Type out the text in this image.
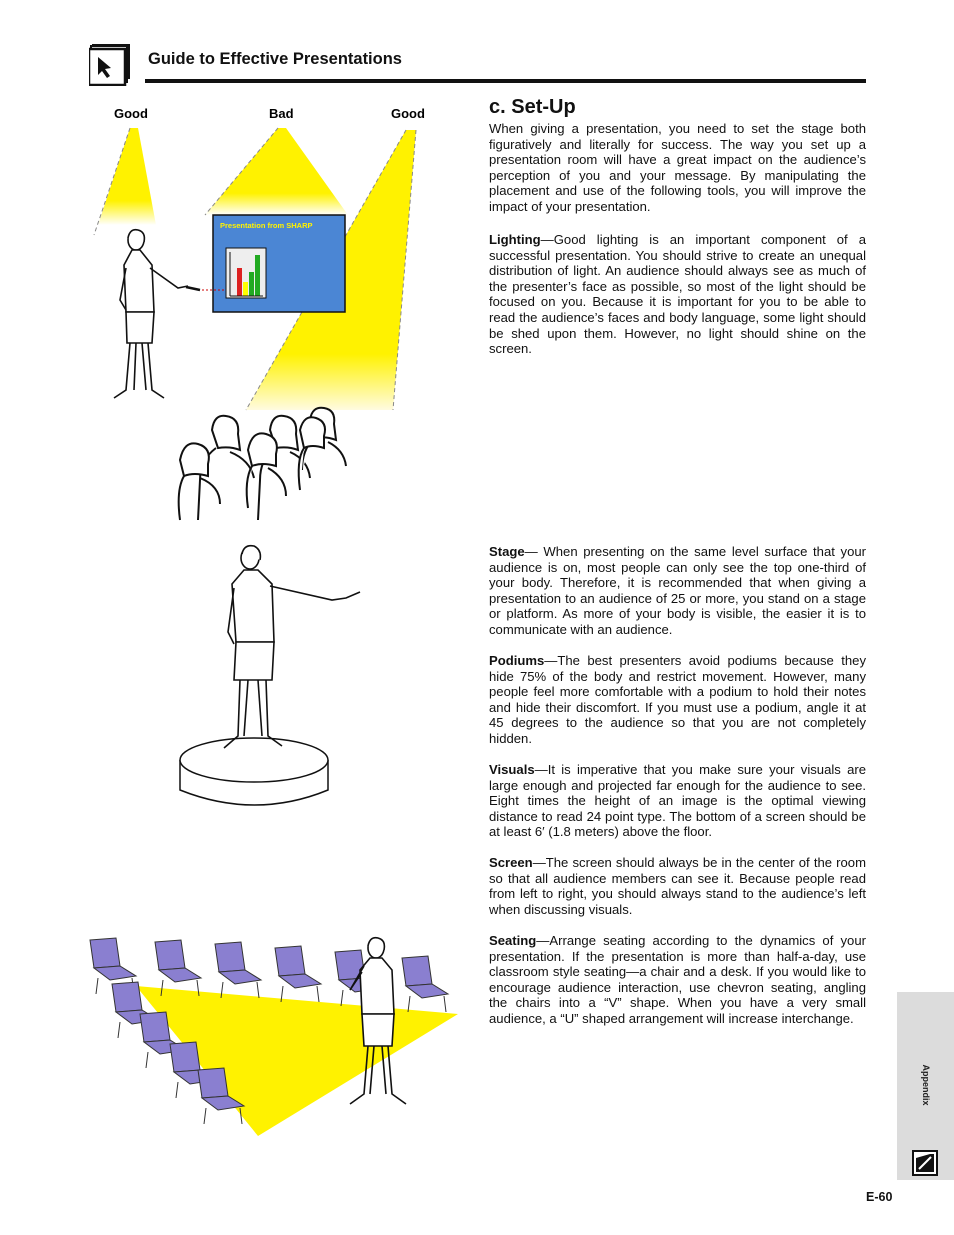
Guide to Effective Presentations
Good	Bad	Good
Presentation from SHARP
c. Set-Up

When giving a presentation, you need to set the stage both figuratively and literally for success. The way you set up a presentation room will have a great impact on the audience’s perception of you and your message. By manipulating the placement and use of the following tools, you will improve the impact of your presentation.

Lighting—Good lighting is an important component of a successful presentation. You should strive to create an unequal distribution of light. An audience should always see as much of the presenter’s face as possible, so most of the light should be focused on you. Because it is important for you to be able to read the audience’s faces and body language, some light should be shed upon them. However, no light should shine on the screen.

Stage— When presenting on the same level surface that your audience is on, most people can only see the top one-third of your body. Therefore, it is recommended that when giving a presentation to an audience of 25 or more, you stand on a stage or platform. As more of your body is visible, the easier it is to communicate with an audience.

Podiums—The best presenters avoid podiums because they hide 75% of the body and restrict movement. However, many people feel more comfortable with a podium to hold their notes and hide their discomfort. If you must use a podium, angle it at 45 degrees to the audience so that you are not completely hidden.

Visuals—It is imperative that you make sure your visuals are large enough and projected far enough for the audience to see. Eight times the height of an image is the optimal viewing distance to read 24 point type. The bottom of a screen should be at least 6′ (1.8 meters) above the floor.

Screen—The screen should always be in the center of the room so that all audience members can see it. Because people read from left to right, you should always stand to the audience’s left when discussing visuals.

Seating—Arrange seating according to the dynamics of your presentation. If the presentation is more than half-a-day, use classroom style seating—a chair and a desk. If you would like to encourage audience interaction, use chevron seating, angling the chairs into a “V” shape. When you have a very small audience, a “U” shaped arrangement will increase interchange.

Appendix
E-60
